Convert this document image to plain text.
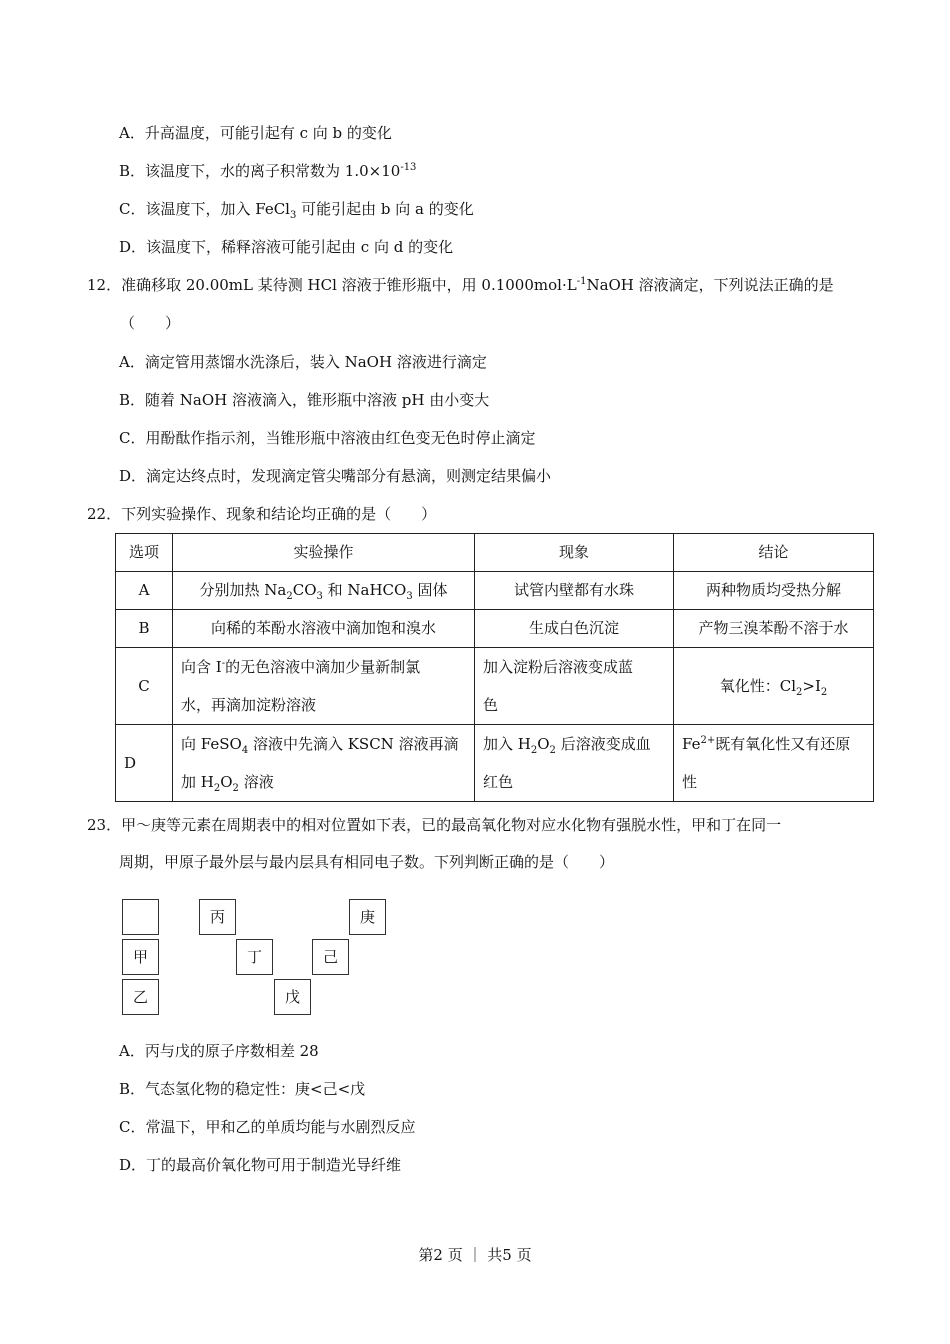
A．升高温度，可能引起有 c 向 b 的变化
B．该温度下，水的离子积常数为 $1.0\times 10^{-13}$
C．该温度下，加入 FeCl$_3$ 可能引起由 b 向 a 的变化
D．该温度下，稀释溶液可能引起由 c 向 d 的变化
12．准确移取 20.00mL 某待测 HCl 溶液于锥形瓶中，用 $0.1000mol\cdot L^{-1}NaOH$ 溶液滴定，下列说法正确的是
（　　）
A．滴定管用蒸馏水洗涤后，装入 NaOH 溶液进行滴定
B．随着 NaOH 溶液滴入，锥形瓶中溶液 pH 由小变大
C．用酚酞作指示剂，当锥形瓶中溶液由红色变无色时停止滴定
D．滴定达终点时，发现滴定管尖嘴部分有悬滴，则测定结果偏小
22．下列实验操作、现象和结论均正确的是（　　）
选项	实验操作	现象	结论
A	分别加热 $Na_2CO_3$ 和 NaHCO$_3$ 固体	试管内壁都有水珠	两种物质均受热分解
B	向稀的苯酚水溶液中滴加饱和溴水	生成白色沉淀	产物三溴苯酚不溶于水
C	向含 I-的无色溶液中滴加少量新制氯
水，再滴加淀粉溶液	加入淀粉后溶液变成蓝
色	氧化性：$Cl_2>I_2$
D	向 FeSO$_4$ 溶液中先滴入 KSCN 溶液再滴
加 $H_2O_2$ 溶液	加入 $H_2O_2$ 后溶液变成血
红色	$Fe^{2+}$既有氧化性又有还原
性
23．甲～庚等元素在周期表中的相对位置如下表，已的最高氧化物对应水化物有强脱水性，甲和丁在同一
周期，甲原子最外层与最内层具有相同电子数。下列判断正确的是（　　）
甲
乙
丙
丁
戊
己
庚
A．丙与戊的原子序数相差 28
B．气态氢化物的稳定性：庚<己<戊
C．常温下，甲和乙的单质均能与水剧烈反应
D．丁的最高价氧化物可用于制造光导纤维
第2 页 ｜ 共5 页
